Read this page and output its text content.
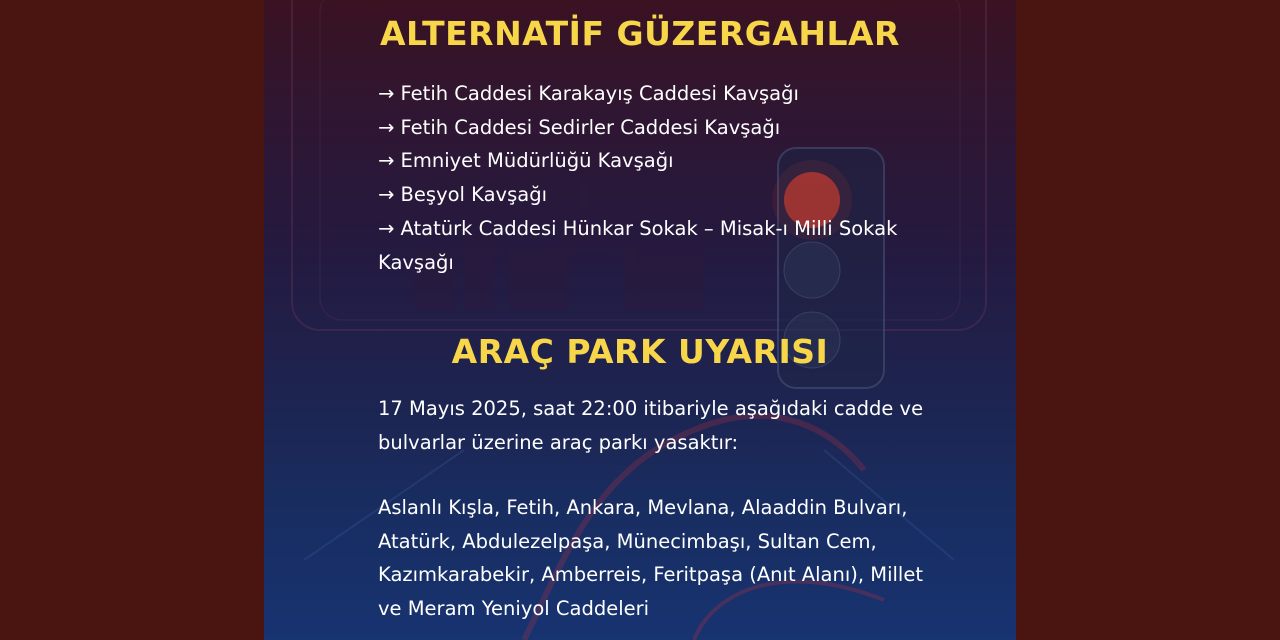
ALTERNATİF GÜZERGAHLAR
→ Fetih Caddesi Karakayış Caddesi Kavşağı
→ Fetih Caddesi Sedirler Caddesi Kavşağı
→ Emniyet Müdürlüğü Kavşağı
→ Beşyol Kavşağı
→ Atatürk Caddesi Hünkar Sokak – Misak-ı Milli Sokak Kavşağı
ARAÇ PARK UYARISI

17 Mayıs 2025, saat 22:00 itibariyle aşağıdaki cadde ve bulvarlar üzerine araç parkı yasaktır:

Aslanlı Kışla, Fetih, Ankara, Mevlana, Alaaddin Bulvarı, Atatürk, Abdulezelpaşa, Münecimbaşı, Sultan Cem, Kazımkarabekir, Amberreis, Feritpaşa (Anıt Alanı), Millet ve Meram Yeniyol Caddeleri
